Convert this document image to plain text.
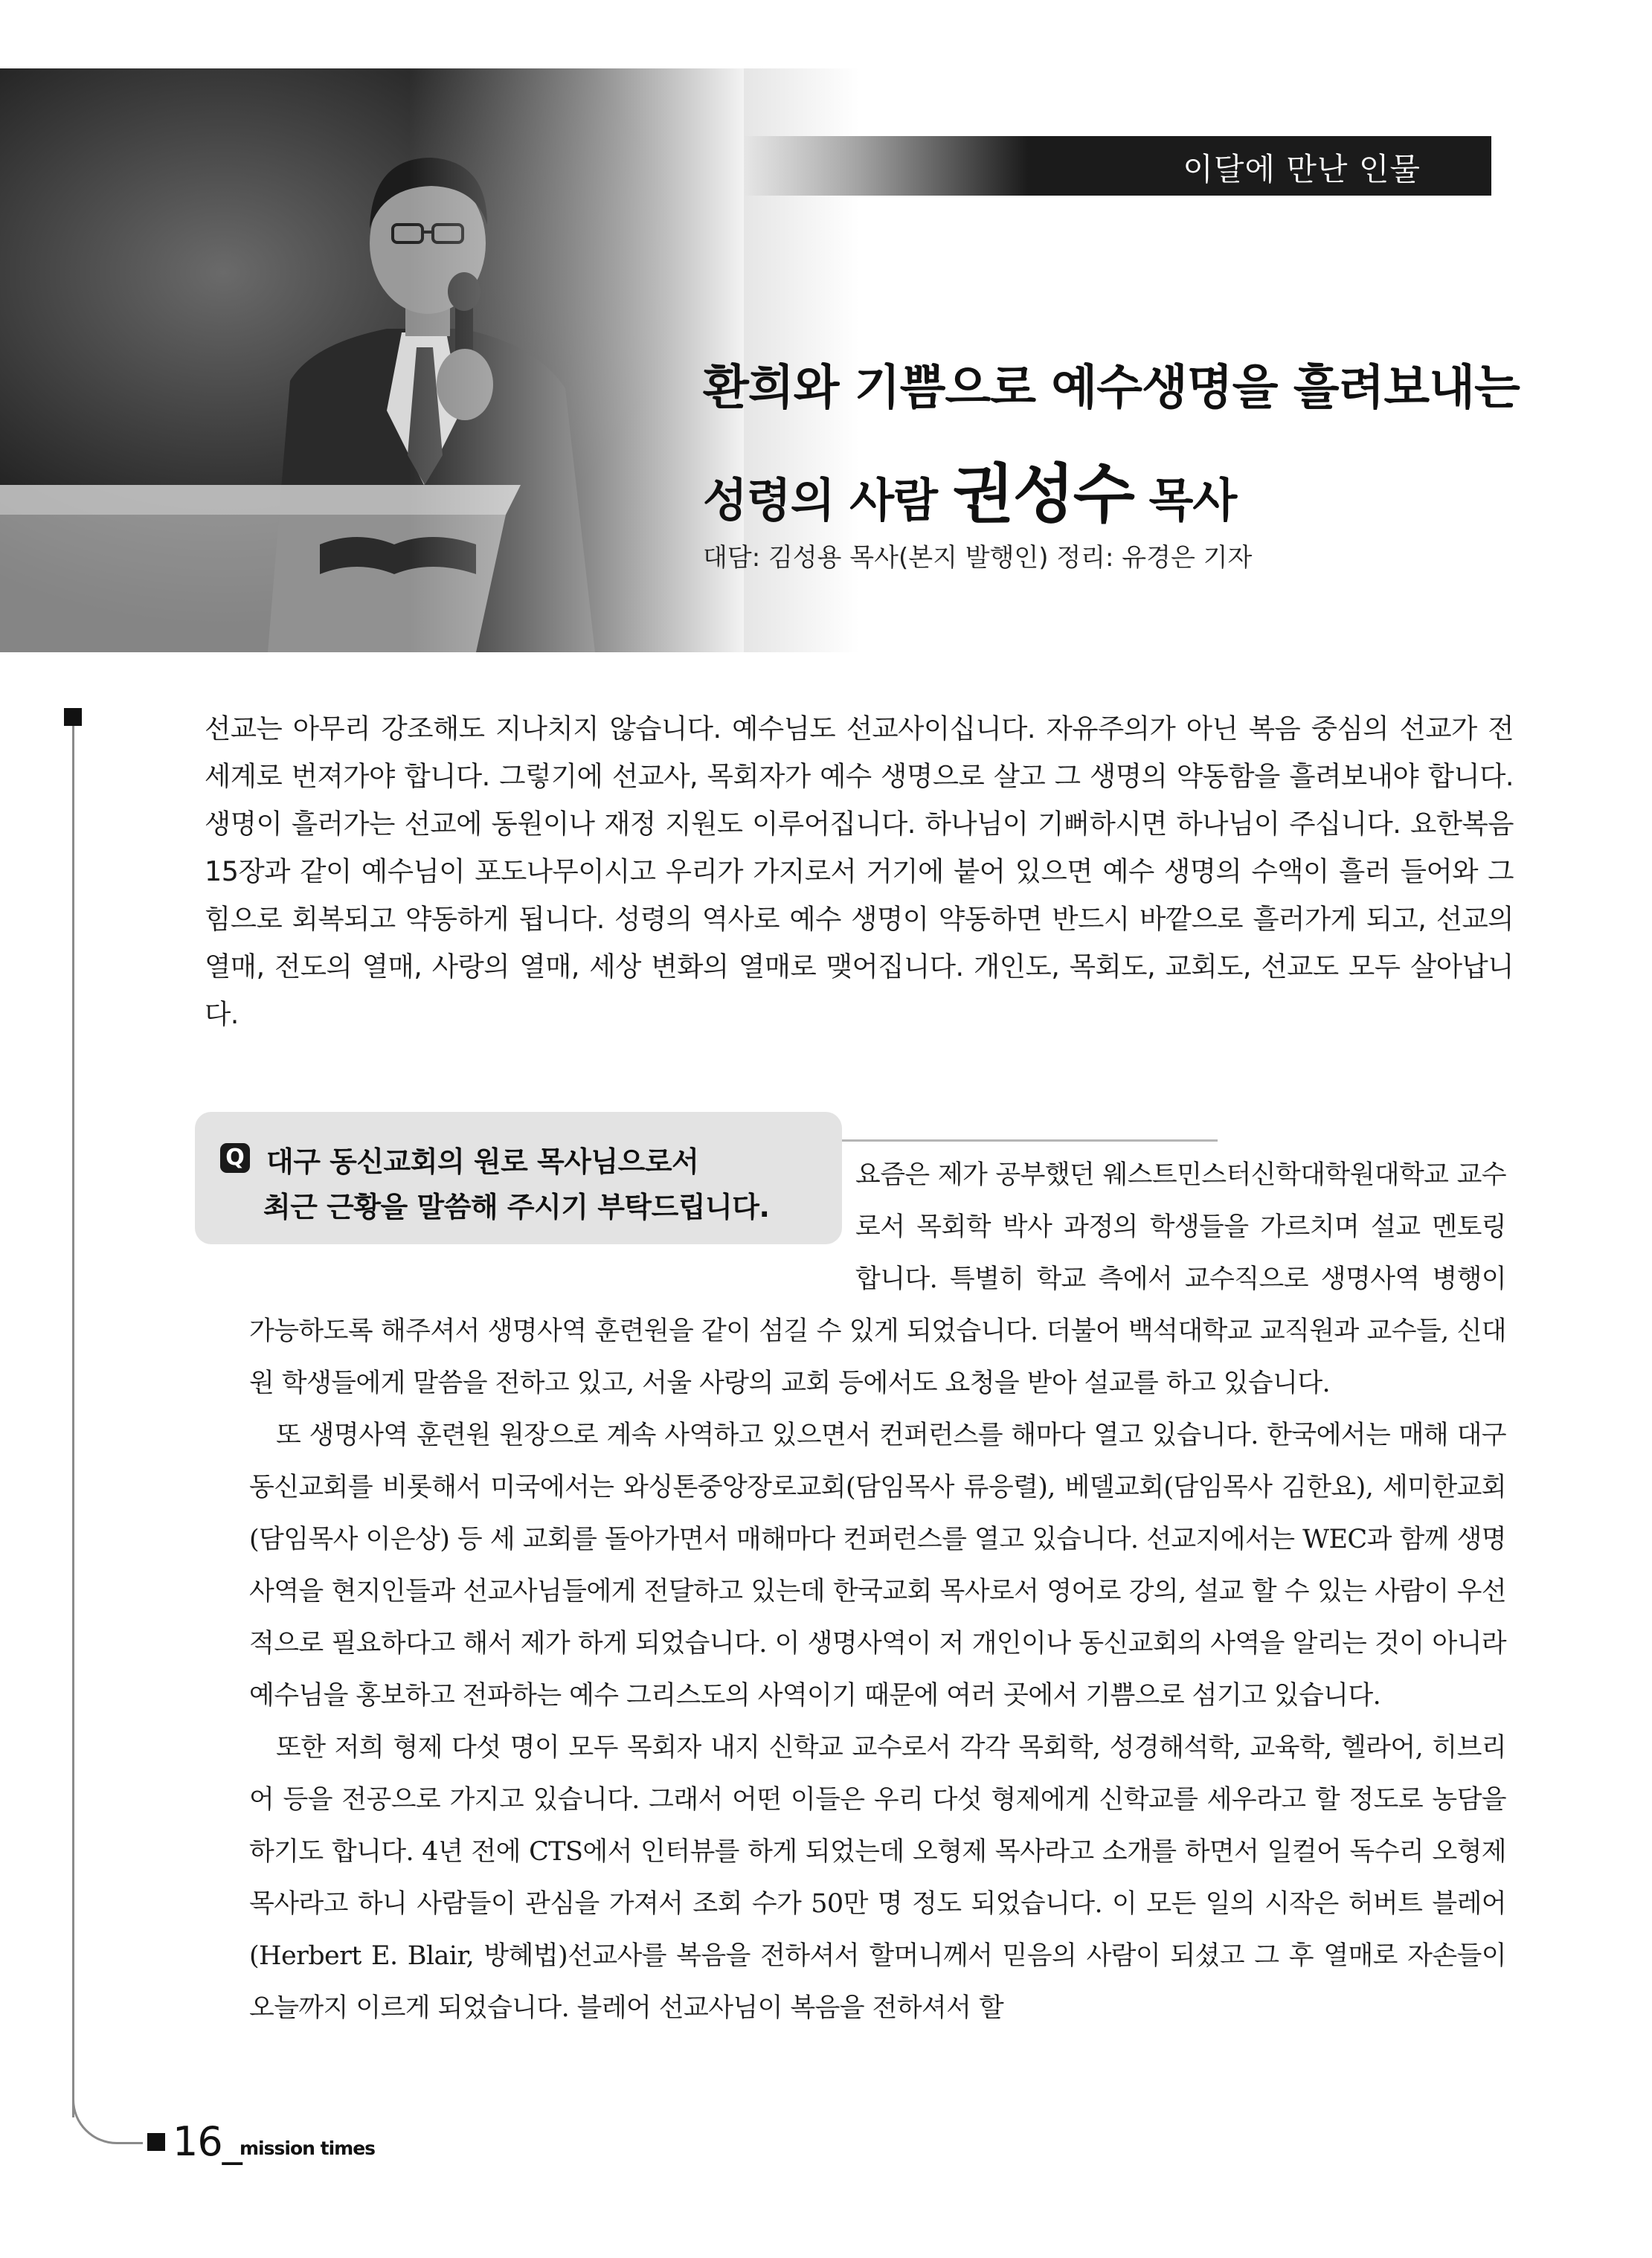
이달에 만난 인물
환희와 기쁨으로 예수생명을 흘려보내는
성령의 사람 권성수 목사
대담: 김성용 목사(본지 발행인) 정리: 유경은 기자
선교는 아무리 강조해도 지나치지 않습니다. 예수님도 선교사이십니다. 자유주의가 아닌 복음 중심의 선교가 전 세계로 번져가야 합니다. 그렇기에 선교사, 목회자가 예수 생명으로 살고 그 생명의 약동함을 흘려보내야 합니다. 생명이 흘러가는 선교에 동원이나 재정 지원도 이루어집니다. 하나님이 기뻐하시면 하나님이 주십니다. 요한복음 15장과 같이 예수님이 포도나무이시고 우리가 가지로서 거기에 붙어 있으면 예수 생명의 수액이 흘러 들어와 그 힘으로 회복되고 약동하게 됩니다. 성령의 역사로 예수 생명이 약동하면 반드시 바깥으로 흘러가게 되고, 선교의 열매, 전도의 열매, 사랑의 열매, 세상 변화의 열매로 맺어집니다. 개인도, 목회도, 교회도, 선교도 모두 살아납니다.
Q 대구 동신교회의 원로 목사님으로서
최근 근황을 말씀해 주시기 부탁드립니다.

요즘은 제가 공부했던 웨스트민스터신학대학원대학교 교수로서 목회학 박사 과정의 학생들을 가르치며 설교 멘토링 합니다. 특별히 학교 측에서 교수직으로 생명사역 병행이 가능하도록 해주셔서 생명사역 훈련원을 같이 섬길 수 있게 되었습니다. 더불어 백석대학교 교직원과 교수들, 신대원 학생들에게 말씀을 전하고 있고, 서울 사랑의 교회 등에서도 요청을 받아 설교를 하고 있습니다.

또 생명사역 훈련원 원장으로 계속 사역하고 있으면서 컨퍼런스를 해마다 열고 있습니다. 한국에서는 매해 대구동신교회를 비롯해서 미국에서는 와싱톤중앙장로교회(담임목사 류응렬), 베델교회(담임목사 김한요), 세미한교회(담임목사 이은상) 등 세 교회를 돌아가면서 매해마다 컨퍼런스를 열고 있습니다. 선교지에서는 WEC과 함께 생명사역을 현지인들과 선교사님들에게 전달하고 있는데 한국교회 목사로서 영어로 강의, 설교 할 수 있는 사람이 우선적으로 필요하다고 해서 제가 하게 되었습니다. 이 생명사역이 저 개인이나 동신교회의 사역을 알리는 것이 아니라 예수님을 홍보하고 전파하는 예수 그리스도의 사역이기 때문에 여러 곳에서 기쁨으로 섬기고 있습니다.

또한 저희 형제 다섯 명이 모두 목회자 내지 신학교 교수로서 각각 목회학, 성경해석학, 교육학, 헬라어, 히브리어 등을 전공으로 가지고 있습니다. 그래서 어떤 이들은 우리 다섯 형제에게 신학교를 세우라고 할 정도로 농담을 하기도 합니다. 4년 전에 CTS에서 인터뷰를 하게 되었는데 오형제 목사라고 소개를 하면서 일컬어 독수리 오형제 목사라고 하니 사람들이 관심을 가져서 조회 수가 50만 명 정도 되었습니다. 이 모든 일의 시작은 허버트 블레어(Herbert E. Blair, 방혜법)선교사를 복음을 전하셔서 할머니께서 믿음의 사람이 되셨고 그 후 열매로 자손들이 오늘까지 이르게 되었습니다. 블레어 선교사님이 복음을 전하셔서 할

16_
mission times
